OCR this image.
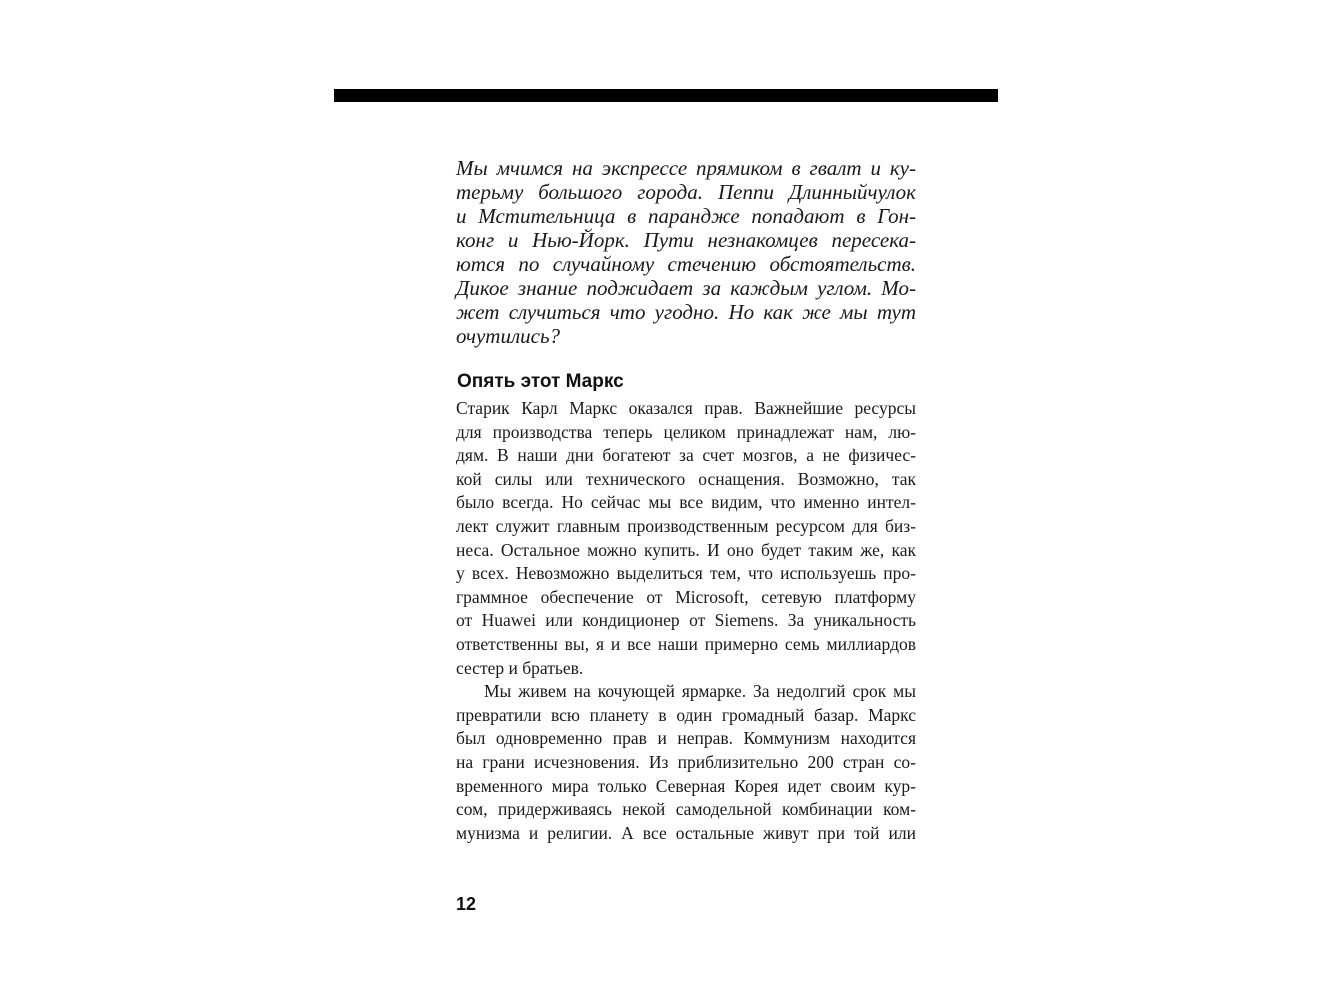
Мы мчимся на экспрессе прямиком в гвалт и ку-
терьму большого города. Пеппи Длинныйчулок
и Мстительница в парандже попадают в Гон-
конг и Нью-Йорк. Пути незнакомцев пересека-
ются по случайному стечению обстоятельств.
Дикое знание поджидает за каждым углом. Мо-
жет случиться что угодно. Но как же мы тут
очутились?
Опять этот Маркс
Старик Карл Маркс оказался прав. Важнейшие ресурсы
для производства теперь целиком принадлежат нам, лю-
дям. В наши дни богатеют за счет мозгов, а не физичес-
кой силы или технического оснащения. Возможно, так
было всегда. Но сейчас мы все видим, что именно интел-
лект служит главным производственным ресурсом для биз-
неса. Остальное можно купить. И оно будет таким же, как
у всех. Невозможно выделиться тем, что используешь про-
граммное обеспечение от Microsoft, сетевую платформу
от Huawei или кондиционер от Siemens. За уникальность
ответственны вы, я и все наши примерно семь миллиардов
сестер и братьев.
Мы живем на кочующей ярмарке. За недолгий срок мы
превратили всю планету в один громадный базар. Маркс
был одновременно прав и неправ. Коммунизм находится
на грани исчезновения. Из приблизительно 200 стран со-
временного мира только Северная Корея идет своим кур-
сом, придерживаясь некой самодельной комбинации ком-
мунизма и религии. А все остальные живут при той или
12
